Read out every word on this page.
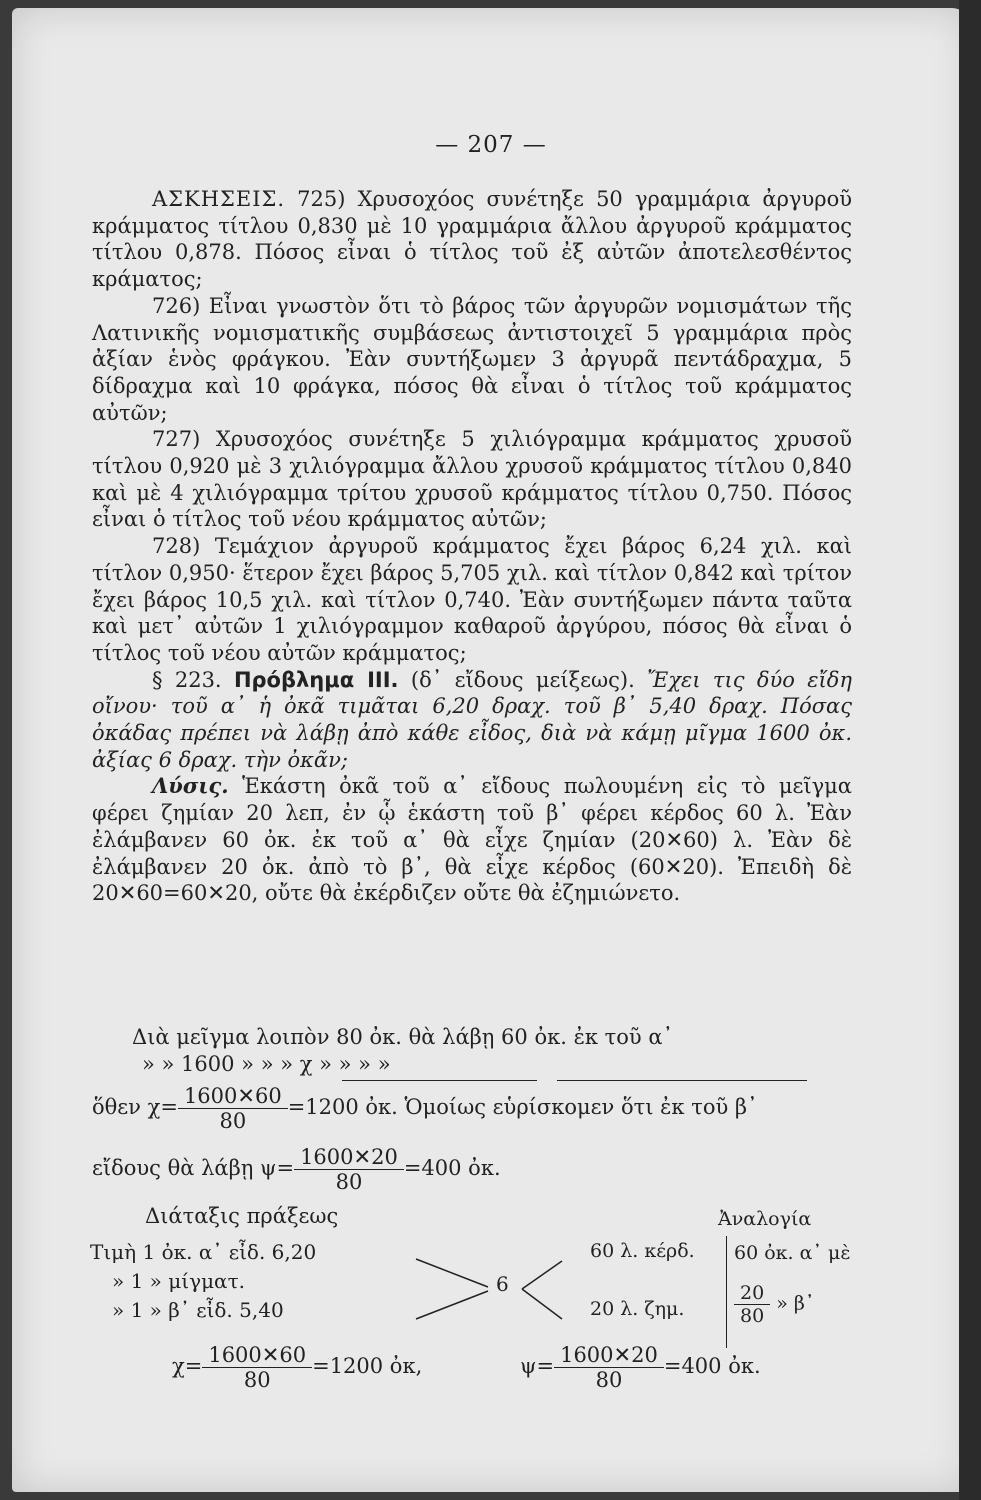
— 207 —

ΑΣΚΗΣΕΙΣ. 725) Χρυσοχόος συνέτηξε 50 γραμμάρια ἀργυροῦ κράμματος τίτλου 0,830 μὲ 10 γραμμάρια ἄλλου ἀργυροῦ κράμματος τίτλου 0,878. Πόσος εἶναι ὁ τίτλος τοῦ ἐξ αὐτῶν ἀποτελεσθέντος κράματος;

726) Εἶναι γνωστὸν ὅτι τὸ βάρος τῶν ἀργυρῶν νομισμάτων τῆς Λατινικῆς νομισματικῆς συμβάσεως ἀντιστοιχεῖ 5 γραμμάρια πρὸς ἀξίαν ἑνὸς φράγκου. Ἐὰν συντήξωμεν 3 ἀργυρᾶ πεντάδραχμα, 5 δίδραχμα καὶ 10 φράγκα, πόσος θὰ εἶναι ὁ τίτλος τοῦ κράμματος αὐτῶν;

727) Χρυσοχόος συνέτηξε 5 χιλιόγραμμα κράμματος χρυσοῦ τίτλου 0,920 μὲ 3 χιλιόγραμμα ἄλλου χρυσοῦ κράμματος τίτλου 0,840 καὶ μὲ 4 χιλιόγραμμα τρίτου χρυσοῦ κράμματος τίτλου 0,750. Πόσος εἶναι ὁ τίτλος τοῦ νέου κράμματος αὐτῶν;

728) Τεμάχιον ἀργυροῦ κράμματος ἔχει βάρος 6,24 χιλ. καὶ τίτλον 0,950· ἕτερον ἔχει βάρος 5,705 χιλ. καὶ τίτλον 0,842 καὶ τρίτον ἔχει βάρος 10,5 χιλ. καὶ τίτλον 0,740. Ἐὰν συντήξωμεν πάντα ταῦτα καὶ μετ᾽ αὐτῶν 1 χιλιόγραμμον καθαροῦ ἀργύρου, πόσος θὰ εἶναι ὁ τίτλος τοῦ νέου αὐτῶν κράμματος;

§ 223. Πρόβλημα ΙΙΙ. (δ᾽ εἴδους μείξεως). Ἔχει τις δύο εἴδη οἴνου· τοῦ α᾽ ἡ ὀκᾶ τιμᾶται 6,20 δραχ. τοῦ β᾽ 5,40 δραχ. Πόσας ὀκάδας πρέπει νὰ λάβῃ ἀπὸ κάθε εἶδος, διὰ νὰ κάμῃ μῖγμα 1600 ὀκ. ἀξίας 6 δραχ. τὴν ὀκᾶν;

Λύσις. Ἑκάστη ὀκᾶ τοῦ α᾽ εἴδους πωλουμένη εἰς τὸ μεῖγμα φέρει ζημίαν 20 λεπ, ἐν ᾧ ἑκάστη τοῦ β᾽ φέρει κέρδος 60 λ. Ἐὰν ἐλάμβανεν 60 ὀκ. ἐκ τοῦ α᾽ θὰ εἶχε ζημίαν (20✕60) λ. Ἐὰν δὲ ἐλάμβανεν 20 ὀκ. ἀπὸ τὸ β᾽, θὰ εἶχε κέρδος (60✕20). Ἐπειδὴ δὲ 20✕60=60✕20, οὔτε θὰ ἐκέρδιζεν οὔτε θὰ ἐζημιώνετο.

Διὰ μεῖγμα λοιπὸν 80 ὀκ. θὰ λάβῃ 60 ὀκ. ἐκ τοῦ α᾽
» » 1600 » » » χ » » » »
ὅθεν $\chi= \frac{1600✕60}{80} =1200$ ὀκ. Ὁμοίως εὑρίσκομεν ὅτι ἐκ τοῦ β᾽
εἴδους θὰ λάβῃ $\psi= \frac{1600✕20}{80} =400$ ὀκ.
Διάταξις πράξεως	Ἀναλογία
Τιμὴ 1 ὀκ. α᾽ εἶδ. 6,20
» 1 » μίγματ.
» 1 » β᾽ εἶδ. 5,40
6
60 λ. κέρδ.
20 λ. ζημ.
60 ὀκ. α᾽ μὲ
$\frac{20}{80}$ » β᾽
$\chi= \frac{1600✕60}{80} =1200$ ὀκ,	$\psi= \frac{1600✕20}{80} =400$ ὀκ.
